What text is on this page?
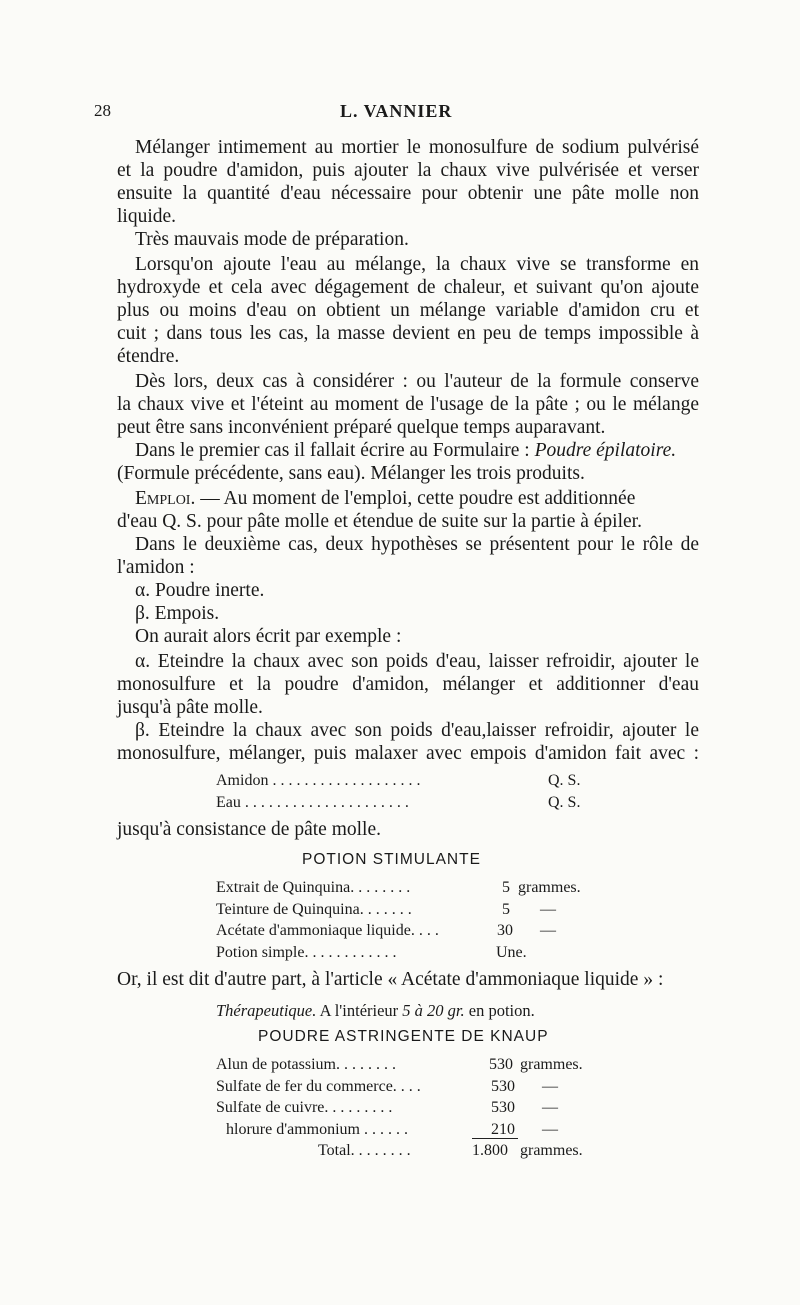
28	L. VANNIER
Mélanger intimement au mortier le monosulfure de sodium pulvérisé
et la poudre d'amidon, puis ajouter la chaux vive pulvérisée et verser
ensuite la quantité d'eau nécessaire pour obtenir une pâte molle non
liquide.
Très mauvais mode de préparation.
Lorsqu'on ajoute l'eau au mélange, la chaux vive se transforme en
hydroxyde et cela avec dégagement de chaleur, et suivant qu'on ajoute
plus ou moins d'eau on obtient un mélange variable d'amidon cru et
cuit ; dans tous les cas, la masse devient en peu de temps impossible à
étendre.
Dès lors, deux cas à considérer : ou l'auteur de la formule conserve
la chaux vive et l'éteint au moment de l'usage de la pâte ; ou le mélange
peut être sans inconvénient préparé quelque temps auparavant.
Dans le premier cas il fallait écrire au Formulaire : Poudre épilatoire.
(Formule précédente, sans eau). Mélanger les trois produits.
Emploi. — Au moment de l'emploi, cette poudre est additionnée
d'eau Q. S. pour pâte molle et étendue de suite sur la partie à épiler.
Dans le deuxième cas, deux hypothèses se présentent pour le rôle de
l'amidon :
α. Poudre inerte.
β. Empois.
On aurait alors écrit par exemple :
α. Eteindre la chaux avec son poids d'eau, laisser refroidir, ajouter le
monosulfure et la poudre d'amidon, mélanger et additionner d'eau
jusqu'à pâte molle.
β. Eteindre la chaux avec son poids d'eau,laisser refroidir, ajouter le
monosulfure, mélanger, puis malaxer avec empois d'amidon fait avec :
Amidon . . . . . . . . . . . . . . . . . . .	Q. S.
Eau . . . . . . . . . . . . . . . . . . . . .	Q. S.
jusqu'à consistance de pâte molle.
POTION STIMULANTE
Extrait de Quinquina. . . . . . . .	5 grammes.
Teinture de Quinquina. . . . . . .	5 —
Acétate d'ammoniaque liquide. . . .	30 —
Potion simple. . . . . . . . . . . .	Une.
Or, il est dit d'autre part, à l'article « Acétate d'ammoniaque liquide » :
Thérapeutique. A l'intérieur 5 à 20 gr. en potion.
POUDRE ASTRINGENTE DE KNAUP
Alun de potassium. . . . . . . .	530 grammes.
Sulfate de fer du commerce. . . .	530 —
Sulfate de cuivre. . . . . . . . .	530 —
hlorure d'ammonium . . . . . .	210 —
Total. . . . . . . .	1.800 grammes.
